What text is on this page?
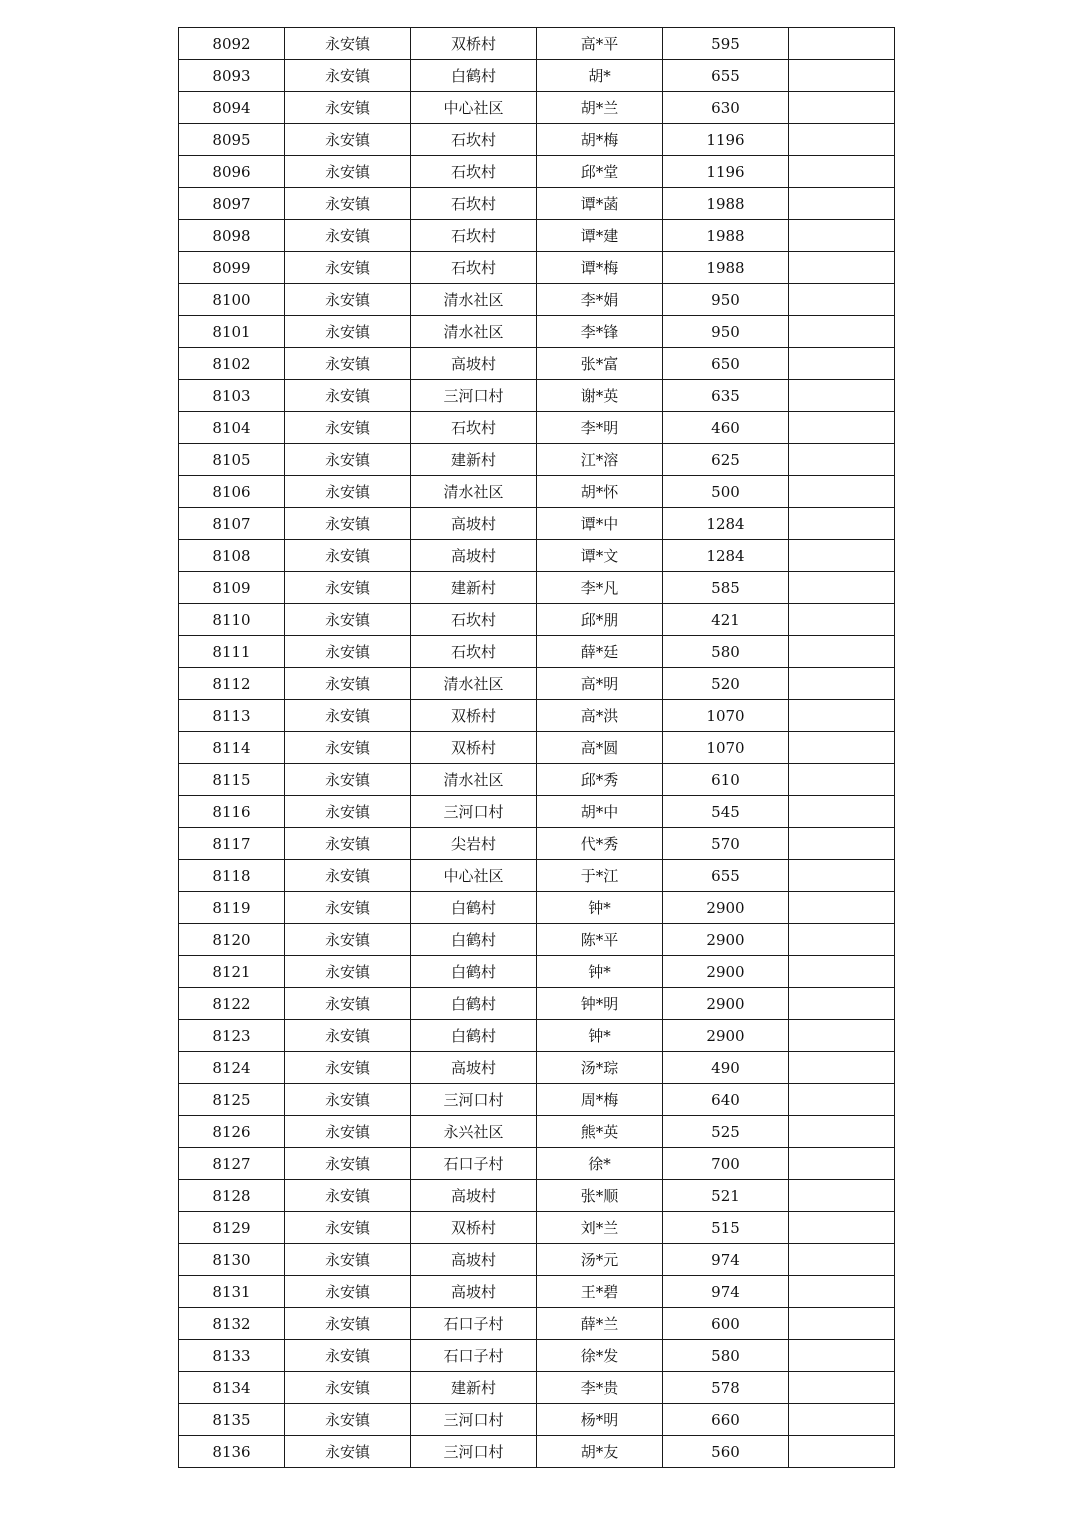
8092	永安镇	双桥村	高*平	595	
8093	永安镇	白鹤村	胡*	655	
8094	永安镇	中心社区	胡*兰	630	
8095	永安镇	石坎村	胡*梅	1196	
8096	永安镇	石坎村	邱*堂	1196	
8097	永安镇	石坎村	谭*菡	1988	
8098	永安镇	石坎村	谭*建	1988	
8099	永安镇	石坎村	谭*梅	1988	
8100	永安镇	清水社区	李*娟	950	
8101	永安镇	清水社区	李*锋	950	
8102	永安镇	高坡村	张*富	650	
8103	永安镇	三河口村	谢*英	635	
8104	永安镇	石坎村	李*明	460	
8105	永安镇	建新村	江*溶	625	
8106	永安镇	清水社区	胡*怀	500	
8107	永安镇	高坡村	谭*中	1284	
8108	永安镇	高坡村	谭*文	1284	
8109	永安镇	建新村	李*凡	585	
8110	永安镇	石坎村	邱*朋	421	
8111	永安镇	石坎村	薛*廷	580	
8112	永安镇	清水社区	高*明	520	
8113	永安镇	双桥村	高*洪	1070	
8114	永安镇	双桥村	高*圆	1070	
8115	永安镇	清水社区	邱*秀	610	
8116	永安镇	三河口村	胡*中	545	
8117	永安镇	尖岩村	代*秀	570	
8118	永安镇	中心社区	于*江	655	
8119	永安镇	白鹤村	钟*	2900	
8120	永安镇	白鹤村	陈*平	2900	
8121	永安镇	白鹤村	钟*	2900	
8122	永安镇	白鹤村	钟*明	2900	
8123	永安镇	白鹤村	钟*	2900	
8124	永安镇	高坡村	汤*琮	490	
8125	永安镇	三河口村	周*梅	640	
8126	永安镇	永兴社区	熊*英	525	
8127	永安镇	石口子村	徐*	700	
8128	永安镇	高坡村	张*顺	521	
8129	永安镇	双桥村	刘*兰	515	
8130	永安镇	高坡村	汤*元	974	
8131	永安镇	高坡村	王*碧	974	
8132	永安镇	石口子村	薛*兰	600	
8133	永安镇	石口子村	徐*发	580	
8134	永安镇	建新村	李*贵	578	
8135	永安镇	三河口村	杨*明	660	
8136	永安镇	三河口村	胡*友	560	
